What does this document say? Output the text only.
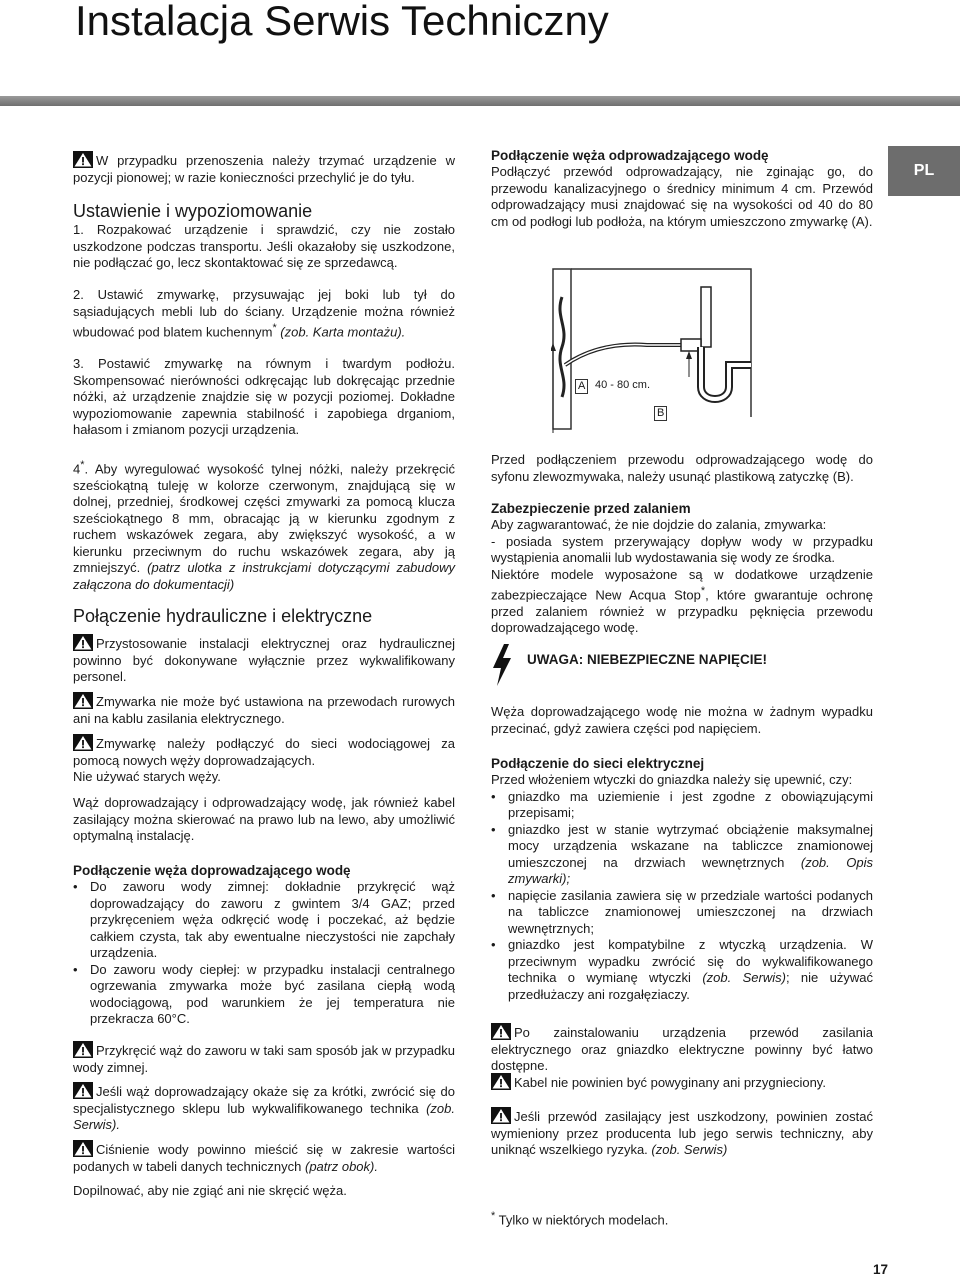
Instalacja Serwis Techniczny
PL

W przypadku przenoszenia należy trzymać urządzenie w pozycji pionowej; w razie konieczności przechylić je do tyłu.

Ustawienie i wypoziomowanie

1. Rozpakować urządzenie i sprawdzić, czy nie zostało uszkodzone podczas transportu. Jeśli okazałoby się uszkodzone, nie podłączać go, lecz skontaktować się ze sprzedawcą.

2. Ustawić zmywarkę, przysuwając jej boki lub tył do sąsiadujących mebli lub do ściany. Urządzenie można również wbudować pod blatem kuchennym* (zob. Karta montażu).

3. Postawić zmywarkę na równym i twardym podłożu. Skompensować nierówności odkręcając lub dokręcając przednie nóżki, aż urządzenie znajdzie się w pozycji poziomej. Dokładne wypoziomowanie zapewnia stabilność i zapobiega drganiom, hałasom i zmianom pozycji urządzenia.

4*. Aby wyregulować wysokość tylnej nóżki, należy przekręcić sześciokątną tuleję w kolorze czerwonym, znajdującą się w dolnej, przedniej, środkowej części zmywarki za pomocą klucza sześciokątnego 8 mm, obracając ją w kierunku zgodnym z ruchem wskazówek zegara, aby zwiększyć wysokość, a w kierunku przeciwnym do ruchu wskazówek zegara, aby ją zmniejszyć. (patrz ulotka z instrukcjami dotyczącymi zabudowy załączona do dokumentacji)

Połączenie hydrauliczne i elektryczne

Przystosowanie instalacji elektrycznej oraz hydraulicznej powinno być dokonywane wyłącznie przez wykwalifikowany personel.

Zmywarka nie może być ustawiona na przewodach rurowych ani na kablu zasilania elektrycznego.

Zmywarkę należy podłączyć do sieci wodociągowej za pomocą nowych węży doprowadzających.

Nie używać starych węży.

Wąż doprowadzający i odprowadzający wodę, jak również kabel zasilający można skierować na prawo lub na lewo, aby umożliwić optymalną instalację.

Podłączenie węża doprowadzającego wodę
• Do zaworu wody zimnej: dokładnie przykręcić wąż doprowadzający do zaworu z gwintem 3/4 GAZ; przed przykręceniem węża odkręcić wodę i poczekać, aż będzie całkiem czysta, tak aby ewentualne nieczystości nie zapchały urządzenia.
• Do zaworu wody ciepłej: w przypadku instalacji centralnego ogrzewania zmywarka może być zasilana ciepłą wodą wodociągową, pod warunkiem że jej temperatura nie przekracza 60°C.

Przykręcić wąż do zaworu w taki sam sposób jak w przypadku wody zimnej.

Jeśli wąż doprowadzający okaże się za krótki, zwrócić się do specjalistycznego sklepu lub wykwalifikowanego technika (zob. Serwis).

Ciśnienie wody powinno mieścić się w zakresie wartości podanych w tabeli danych technicznych (patrz obok).

Dopilnować, aby nie zgiąć ani nie skręcić węża.

Podłączenie węża odprowadzającego wodę

Podłączyć przewód odprowadzający, nie zginając go, do przewodu kanalizacyjnego o średnicy minimum 4 cm. Przewód odprowadzający musi znajdować się na wysokości od 40 do 80 cm od podłogi lub podłoża, na którym umieszczono zmywarkę (A).

A 40 - 80 cm.
B

Przed podłączeniem przewodu odprowadzającego wodę do syfonu zlewozmywaka, należy usunąć plastikową zatyczkę (B).

Zabezpieczenie przed zalaniem

Aby zagwarantować, że nie dojdzie do zalania, zmywarka:

- posiada system przerywający dopływ wody w przypadku wystąpienia anomalii lub wydostawania się wody ze środka.

Niektóre modele wyposażone są w dodatkowe urządzenie zabezpieczające New Acqua Stop*, które gwarantuje ochronę przed zalaniem również w przypadku pęknięcia przewodu doprowadzającego wodę.

UWAGA: NIEBEZPIECZNE NAPIĘCIE!

Węża doprowadzającego wodę nie można w żadnym wypadku przecinać, gdyż zawiera części pod napięciem.

Podłączenie do sieci elektrycznej

Przed włożeniem wtyczki do gniazdka należy się upewnić, czy:

• gniazdko ma uziemienie i jest zgodne z obowiązującymi przepisami;
• gniazdko jest w stanie wytrzymać obciążenie maksymalnej mocy urządzenia wskazane na tabliczce znamionowej umieszczonej na drzwiach wewnętrznych (zob. Opis zmywarki);
• napięcie zasilania zawiera się w przedziale wartości podanych na tabliczce znamionowej umieszczonej na drzwiach wewnętrznych;
• gniazdko jest kompatybilne z wtyczką urządzenia. W przeciwnym wypadku zwrócić się do wykwalifikowanego technika o wymianę wtyczki (zob. Serwis); nie używać przedłużaczy ani rozgałęziaczy.

Po zainstalowaniu urządzenia przewód zasilania elektrycznego oraz gniazdko elektryczne powinny być łatwo dostępne.

Kabel nie powinien być powyginany ani przygnieciony.

Jeśli przewód zasilający jest uszkodzony, powinien zostać wymieniony przez producenta lub jego serwis techniczny, aby uniknąć wszelkiego ryzyka. (zob. Serwis)

* Tylko w niektórych modelach.
17
